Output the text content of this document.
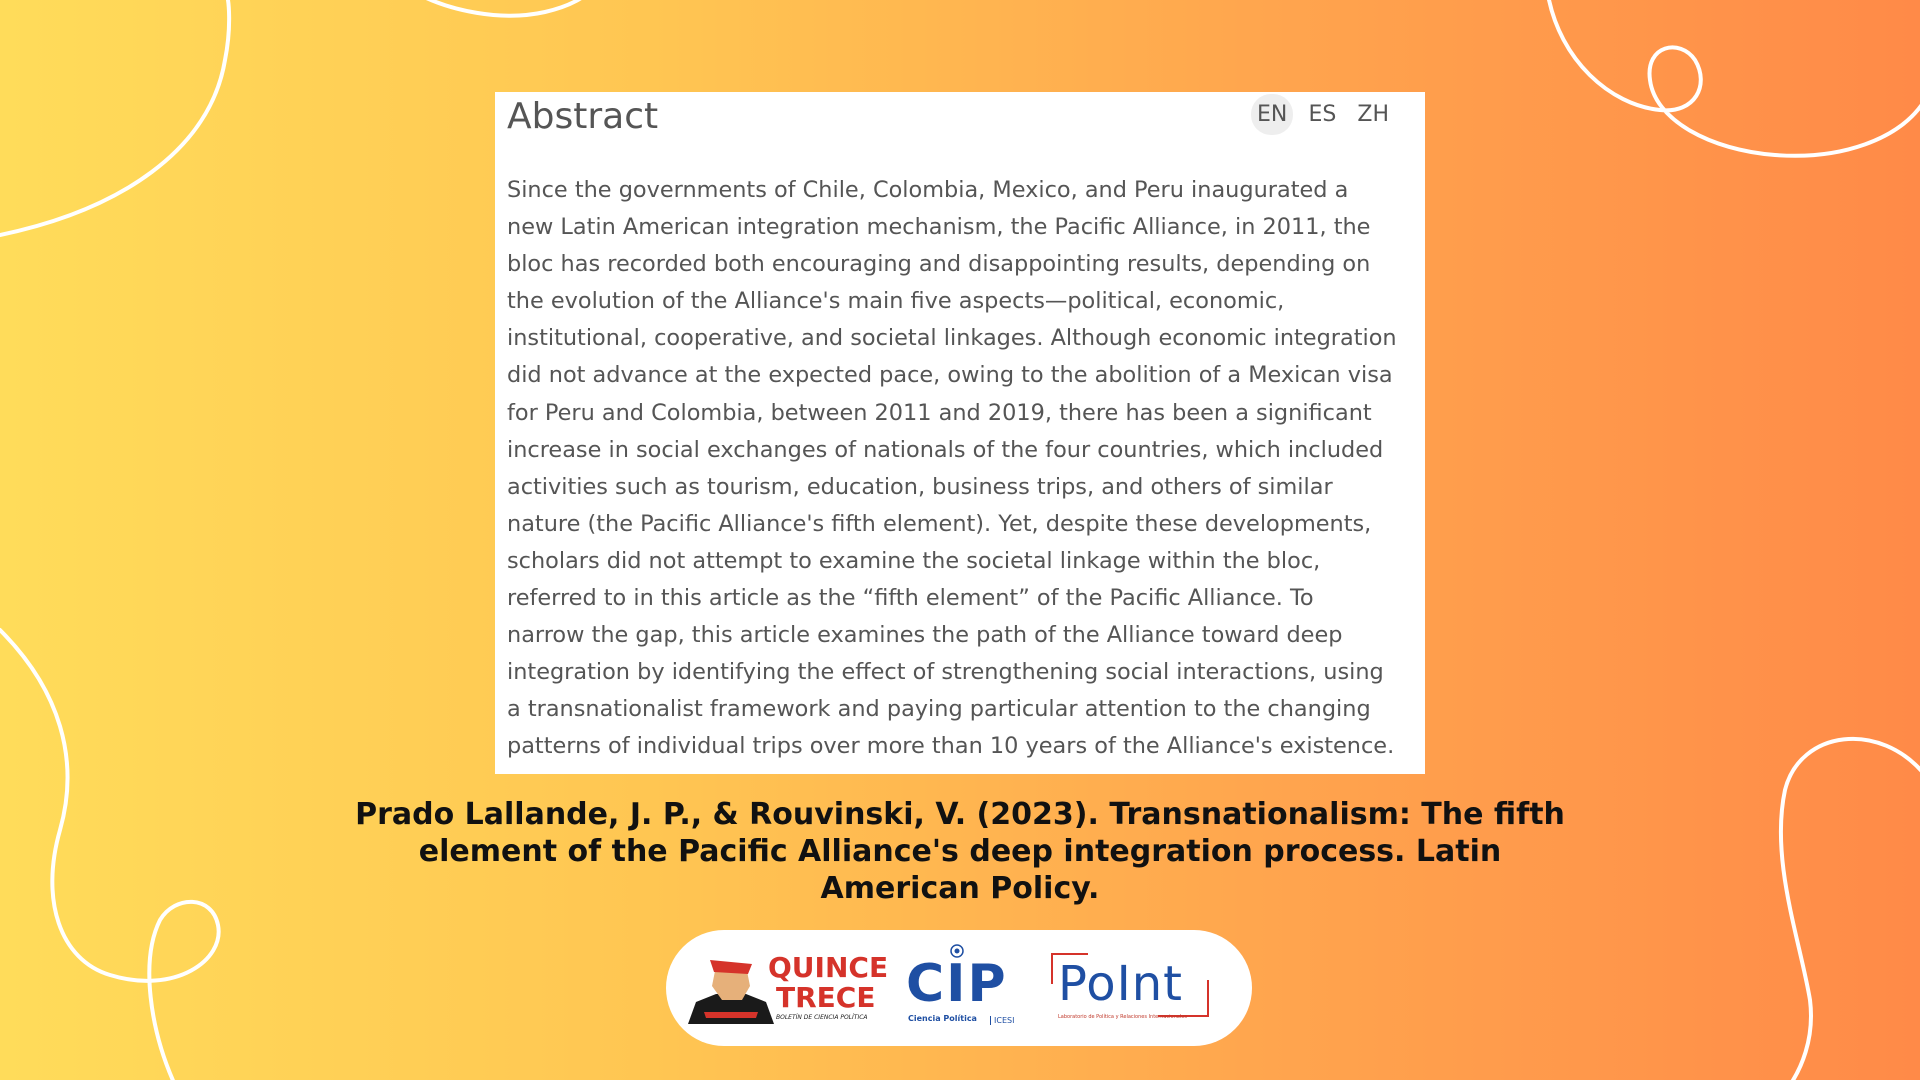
Abstract	EN ES ZH

Since the governments of Chile, Colombia, Mexico, and Peru inaugurated a
new Latin American integration mechanism, the Pacific Alliance, in 2011, the
bloc has recorded both encouraging and disappointing results, depending on
the evolution of the Alliance's main five aspects—political, economic,
institutional, cooperative, and societal linkages. Although economic integration
did not advance at the expected pace, owing to the abolition of a Mexican visa
for Peru and Colombia, between 2011 and 2019, there has been a significant
increase in social exchanges of nationals of the four countries, which included
activities such as tourism, education, business trips, and others of similar
nature (the Pacific Alliance's fifth element). Yet, despite these developments,
scholars did not attempt to examine the societal linkage within the bloc,
referred to in this article as the “fifth element” of the Pacific Alliance. To
narrow the gap, this article examines the path of the Alliance toward deep
integration by identifying the effect of strengthening social interactions, using
a transnationalist framework and paying particular attention to the changing
patterns of individual trips over more than 10 years of the Alliance's existence.

Prado Lallande, J. P., & Rouvinski, V. (2023). Transnationalism: The fifth
element of the Pacific Alliance's deep integration process. Latin
American Policy.

QUINCE
TRECE
BOLETÍN DE CIENCIA POLÍTICA
CIP
Ciencia Política	ICESI
PoInt
Laboratorio de Política y Relaciones Internacionales
